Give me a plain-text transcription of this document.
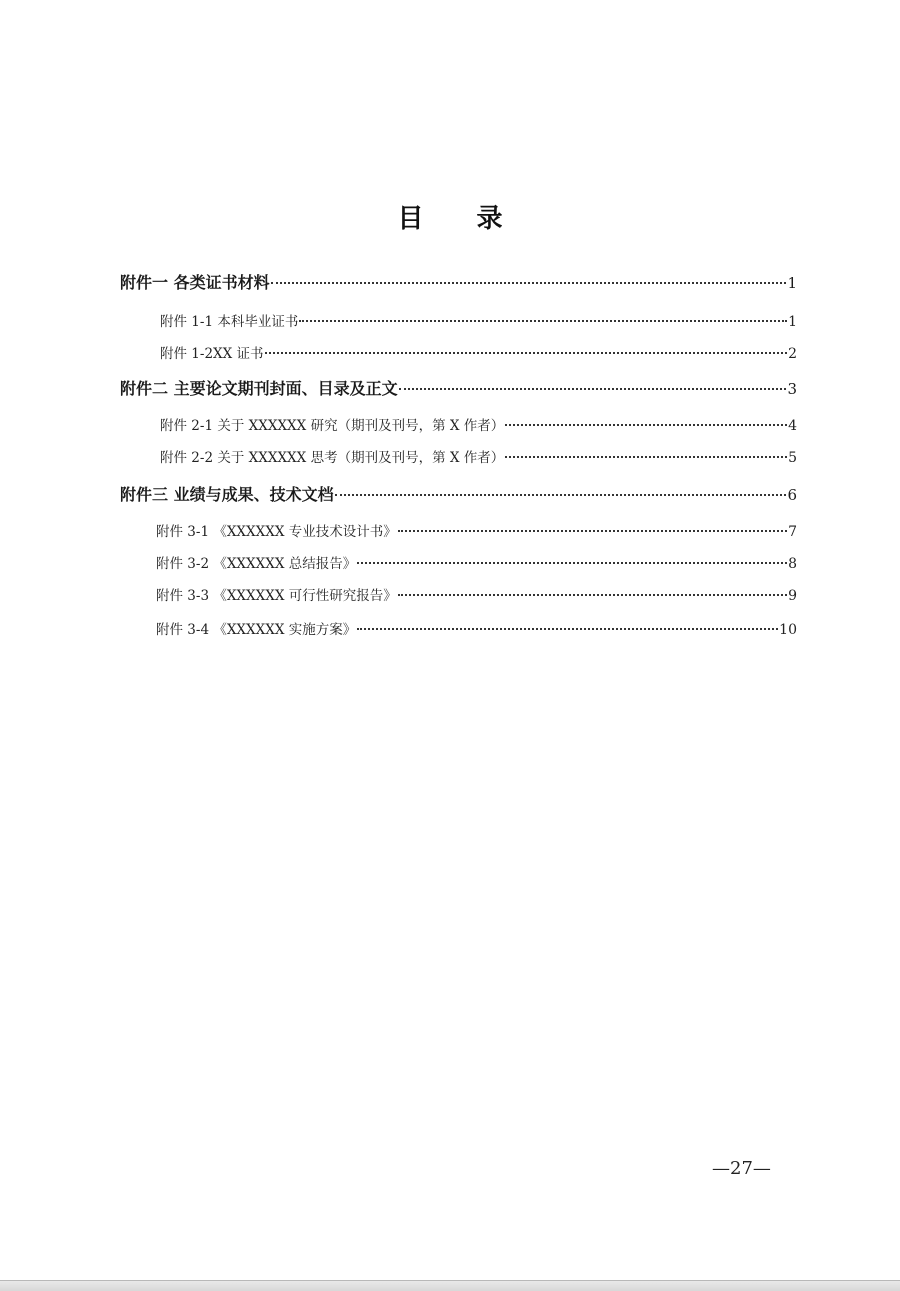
目 录
附件一 各类证书材料	1
附件 1-1 本科毕业证书	1
附件 1-2XX 证书	2
附件二 主要论文期刊封面、目录及正文	3
附件 2-1 关于 XXXXXX 研究（期刊及刊号，第 X 作者）	4
附件 2-2 关于 XXXXXX 思考（期刊及刊号，第 X 作者）	5
附件三 业绩与成果、技术文档	6
附件 3-1 《XXXXXX 专业技术设计书》	7
附件 3-2 《XXXXXX 总结报告》	8
附件 3-3 《XXXXXX 可行性研究报告》	9
附件 3-4 《XXXXXX 实施方案》	10
—27—
